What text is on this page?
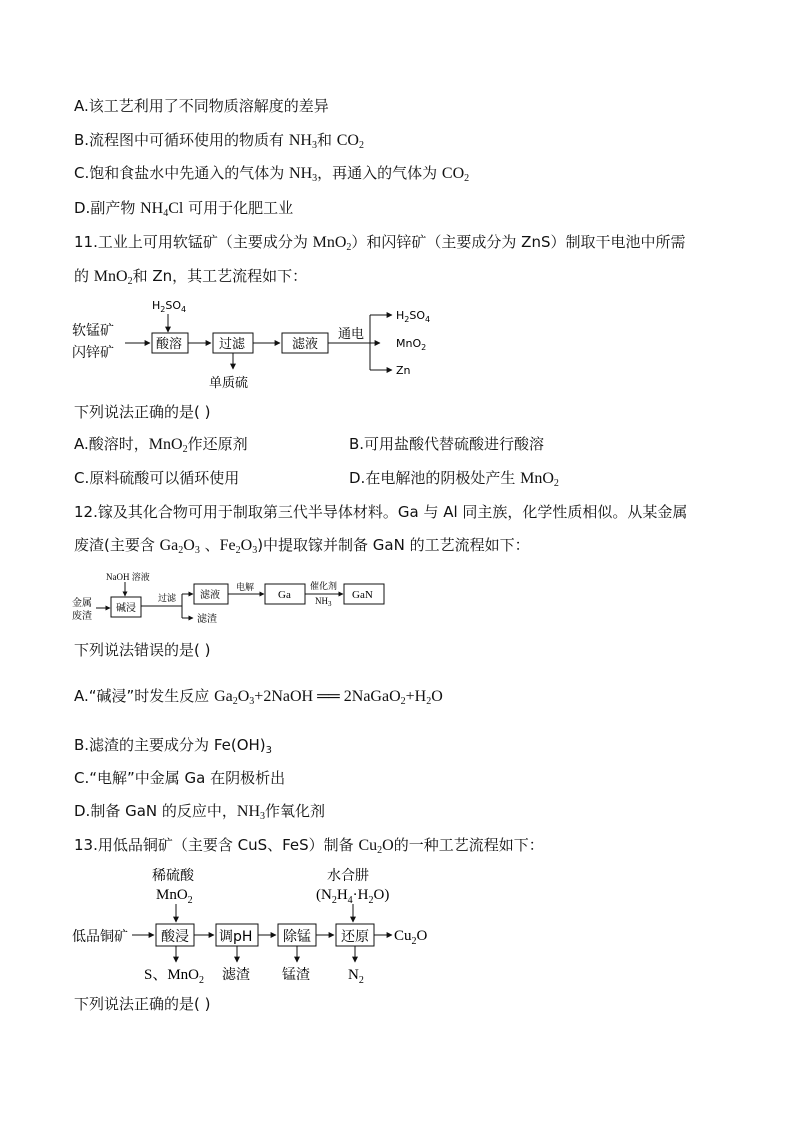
A.该工艺利用了不同物质溶解度的差异
B.流程图中可循环使用的物质有 $NH_3$和 $CO_2$
C.饱和食盐水中先通入的气体为 $NH_3$，再通入的气体为 $CO_2$
D.副产物 $NH_4Cl$ 可用于化肥工业
11.工业上可用软锰矿（主要成分为 MnO$_2$）和闪锌矿（主要成分为 ZnS）制取干电池中所需
的 MnO$_2$和 Zn，其工艺流程如下：
软锰矿
闪锌矿
$H_2SO_4$
酸溶	过滤
单质硫
滤液
通电
$H_2SO_4$
MnO$_2$
Zn
下列说法正确的是( )
A.酸溶时，MnO$_2$作还原剂	B.可用盐酸代替硫酸进行酸溶
C.原料硫酸可以循环使用	D.在电解池的阴极处产生 MnO$_2$
12.镓及其化合物可用于制取第三代半导体材料。Ga 与 Al 同主族，化学性质相似。从某金属
废渣(主要含 $Ga_2O_3$ 、$Fe_2O_3$)中提取镓并制备 GaN 的工艺流程如下：
NaOH 溶液
金属
废渣
碱浸
过滤 滤液
滤渣
电解
Ga
催化剂
$NH_3$
GaN
下列说法错误的是( )
A.“碱浸”时发生反应 $Ga_2O_3+2NaOH$ ══ $2NaGaO_2+H_2O$
B.滤渣的主要成分为 $Fe(OH)_3$
C.“电解”中金属 Ga 在阴极析出
D.制备 GaN 的反应中，$NH_3$作氧化剂
13.用低品铜矿（主要含 CuS、FeS）制备 $Cu_2O$的一种工艺流程如下：
稀硫酸
MnO$_2$
水合肼
$(N_2H_4\cdot H_2O)$
低品铜矿 酸浸 调pH 除锰 还原 $Cu_2O$
S、MnO$_2$ 滤渣 锰渣	$N_2$
下列说法正确的是( )
